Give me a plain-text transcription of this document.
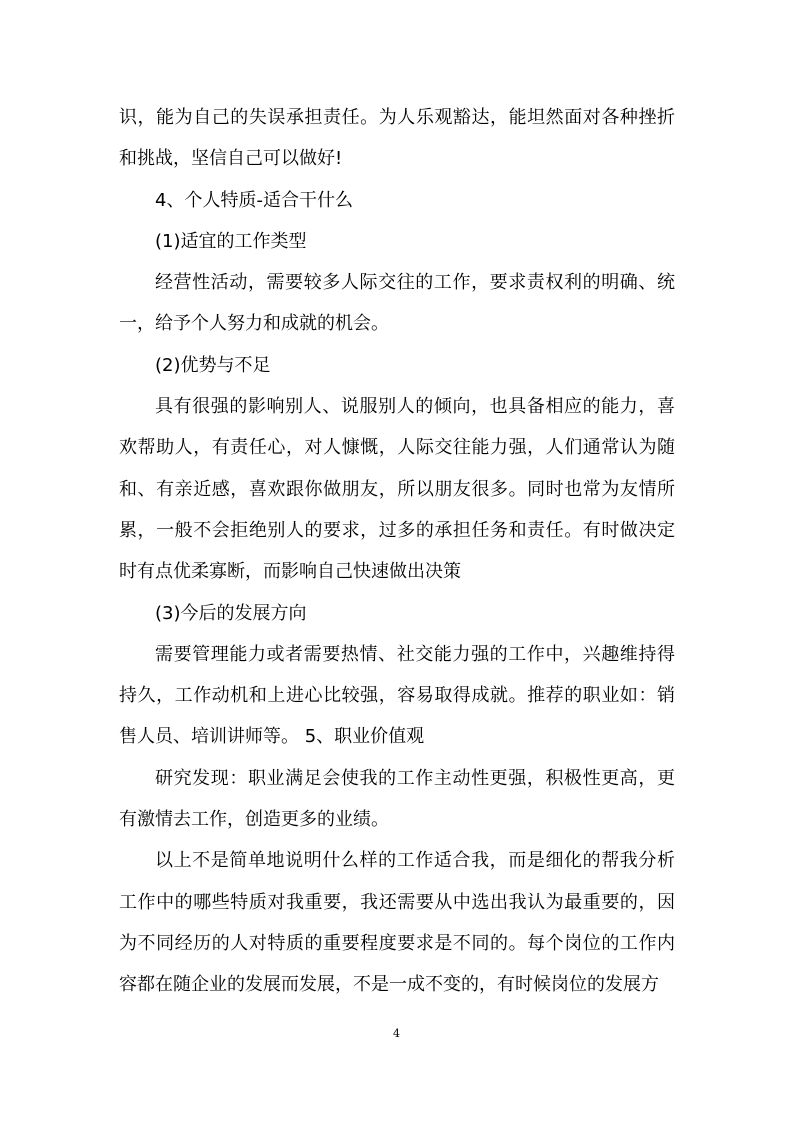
识，能为自己的失误承担责任。为人乐观豁达，能坦然面对各种挫折和挑战，坚信自己可以做好!

4、个人特质-适合干什么

(1)适宜的工作类型

经营性活动，需要较多人际交往的工作，要求责权利的明确、统一，给予个人努力和成就的机会。

(2)优势与不足

具有很强的影响别人、说服别人的倾向，也具备相应的能力，喜欢帮助人，有责任心，对人慷慨，人际交往能力强，人们通常认为随和、有亲近感，喜欢跟你做朋友，所以朋友很多。同时也常为友情所累，一般不会拒绝别人的要求，过多的承担任务和责任。有时做决定时有点优柔寡断，而影响自己快速做出决策

(3)今后的发展方向

需要管理能力或者需要热情、社交能力强的工作中，兴趣维持得持久，工作动机和上进心比较强，容易取得成就。推荐的职业如：销售人员、培训讲师等。 5、职业价值观

研究发现：职业满足会使我的工作主动性更强，积极性更高，更有激情去工作，创造更多的业绩。

以上不是简单地说明什么样的工作适合我，而是细化的帮我分析工作中的哪些特质对我重要，我还需要从中选出我认为最重要的，因为不同经历的人对特质的重要程度要求是不同的。每个岗位的工作内容都在随企业的发展而发展，不是一成不变的，有时候岗位的发展方

4
